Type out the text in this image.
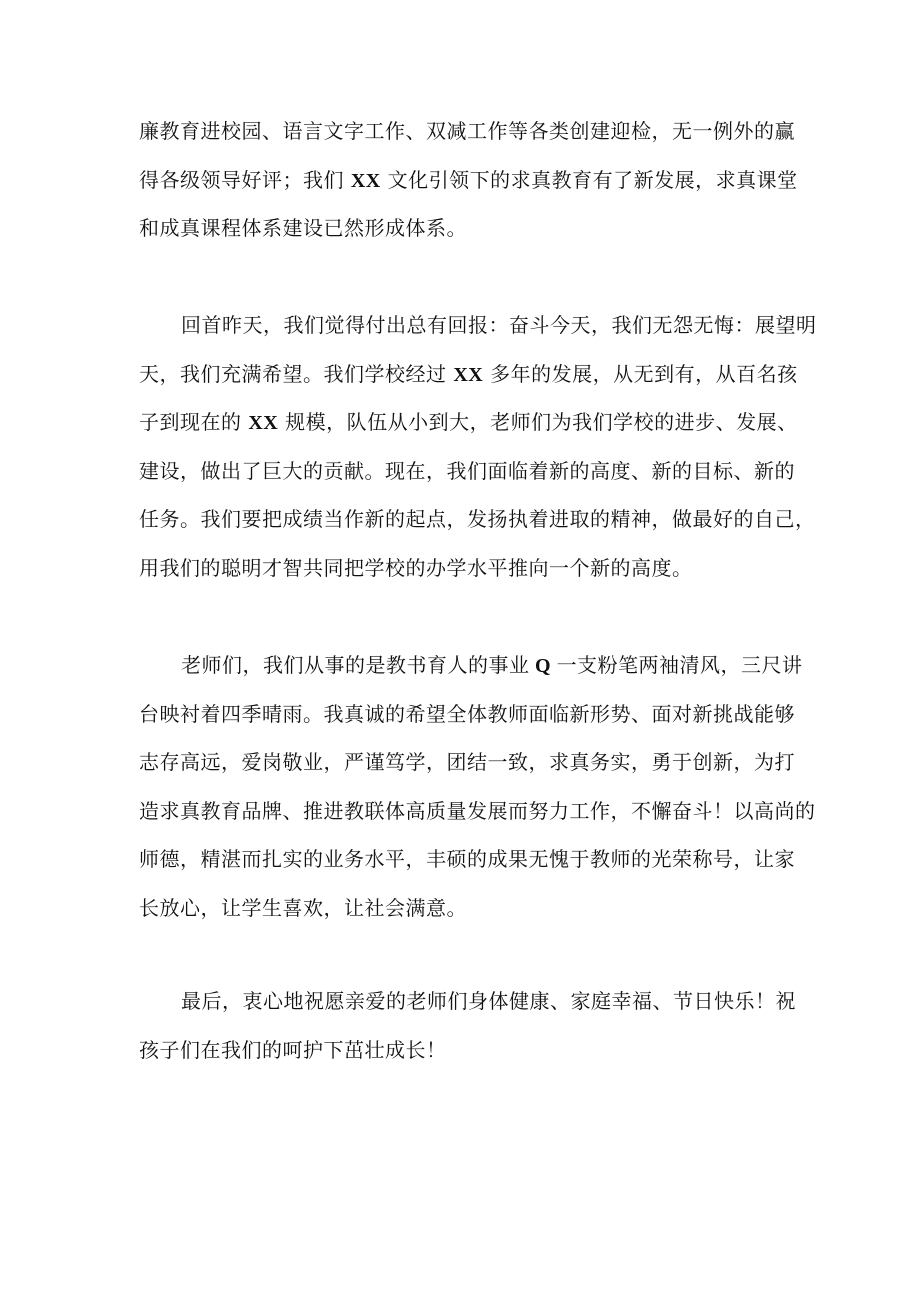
廉教育进校园、语言文字工作、双减工作等各类创建迎检，无一例外的赢
得各级领导好评；我们 XX 文化引领下的求真教育有了新发展，求真课堂
和成真课程体系建设已然形成体系。
回首昨天，我们觉得付出总有回报：奋斗今天，我们无怨无悔：展望明
天，我们充满希望。我们学校经过 XX 多年的发展，从无到有，从百名孩
子到现在的 XX 规模，队伍从小到大，老师们为我们学校的进步、发展、
建设，做出了巨大的贡献。现在，我们面临着新的高度、新的目标、新的
任务。我们要把成绩当作新的起点，发扬执着进取的精神，做最好的自己，
用我们的聪明才智共同把学校的办学水平推向一个新的高度。
老师们，我们从事的是教书育人的事业 Q 一支粉笔两袖清风，三尺讲
台映衬着四季晴雨。我真诚的希望全体教师面临新形势、面对新挑战能够
志存高远，爱岗敬业，严谨笃学，团结一致，求真务实，勇于创新，为打
造求真教育品牌、推进教联体高质量发展而努力工作，不懈奋斗！以高尚的
师德，精湛而扎实的业务水平，丰硕的成果无愧于教师的光荣称号，让家
长放心，让学生喜欢，让社会满意。
最后，衷心地祝愿亲爱的老师们身体健康、家庭幸福、节日快乐！祝
孩子们在我们的呵护下茁壮成长！
